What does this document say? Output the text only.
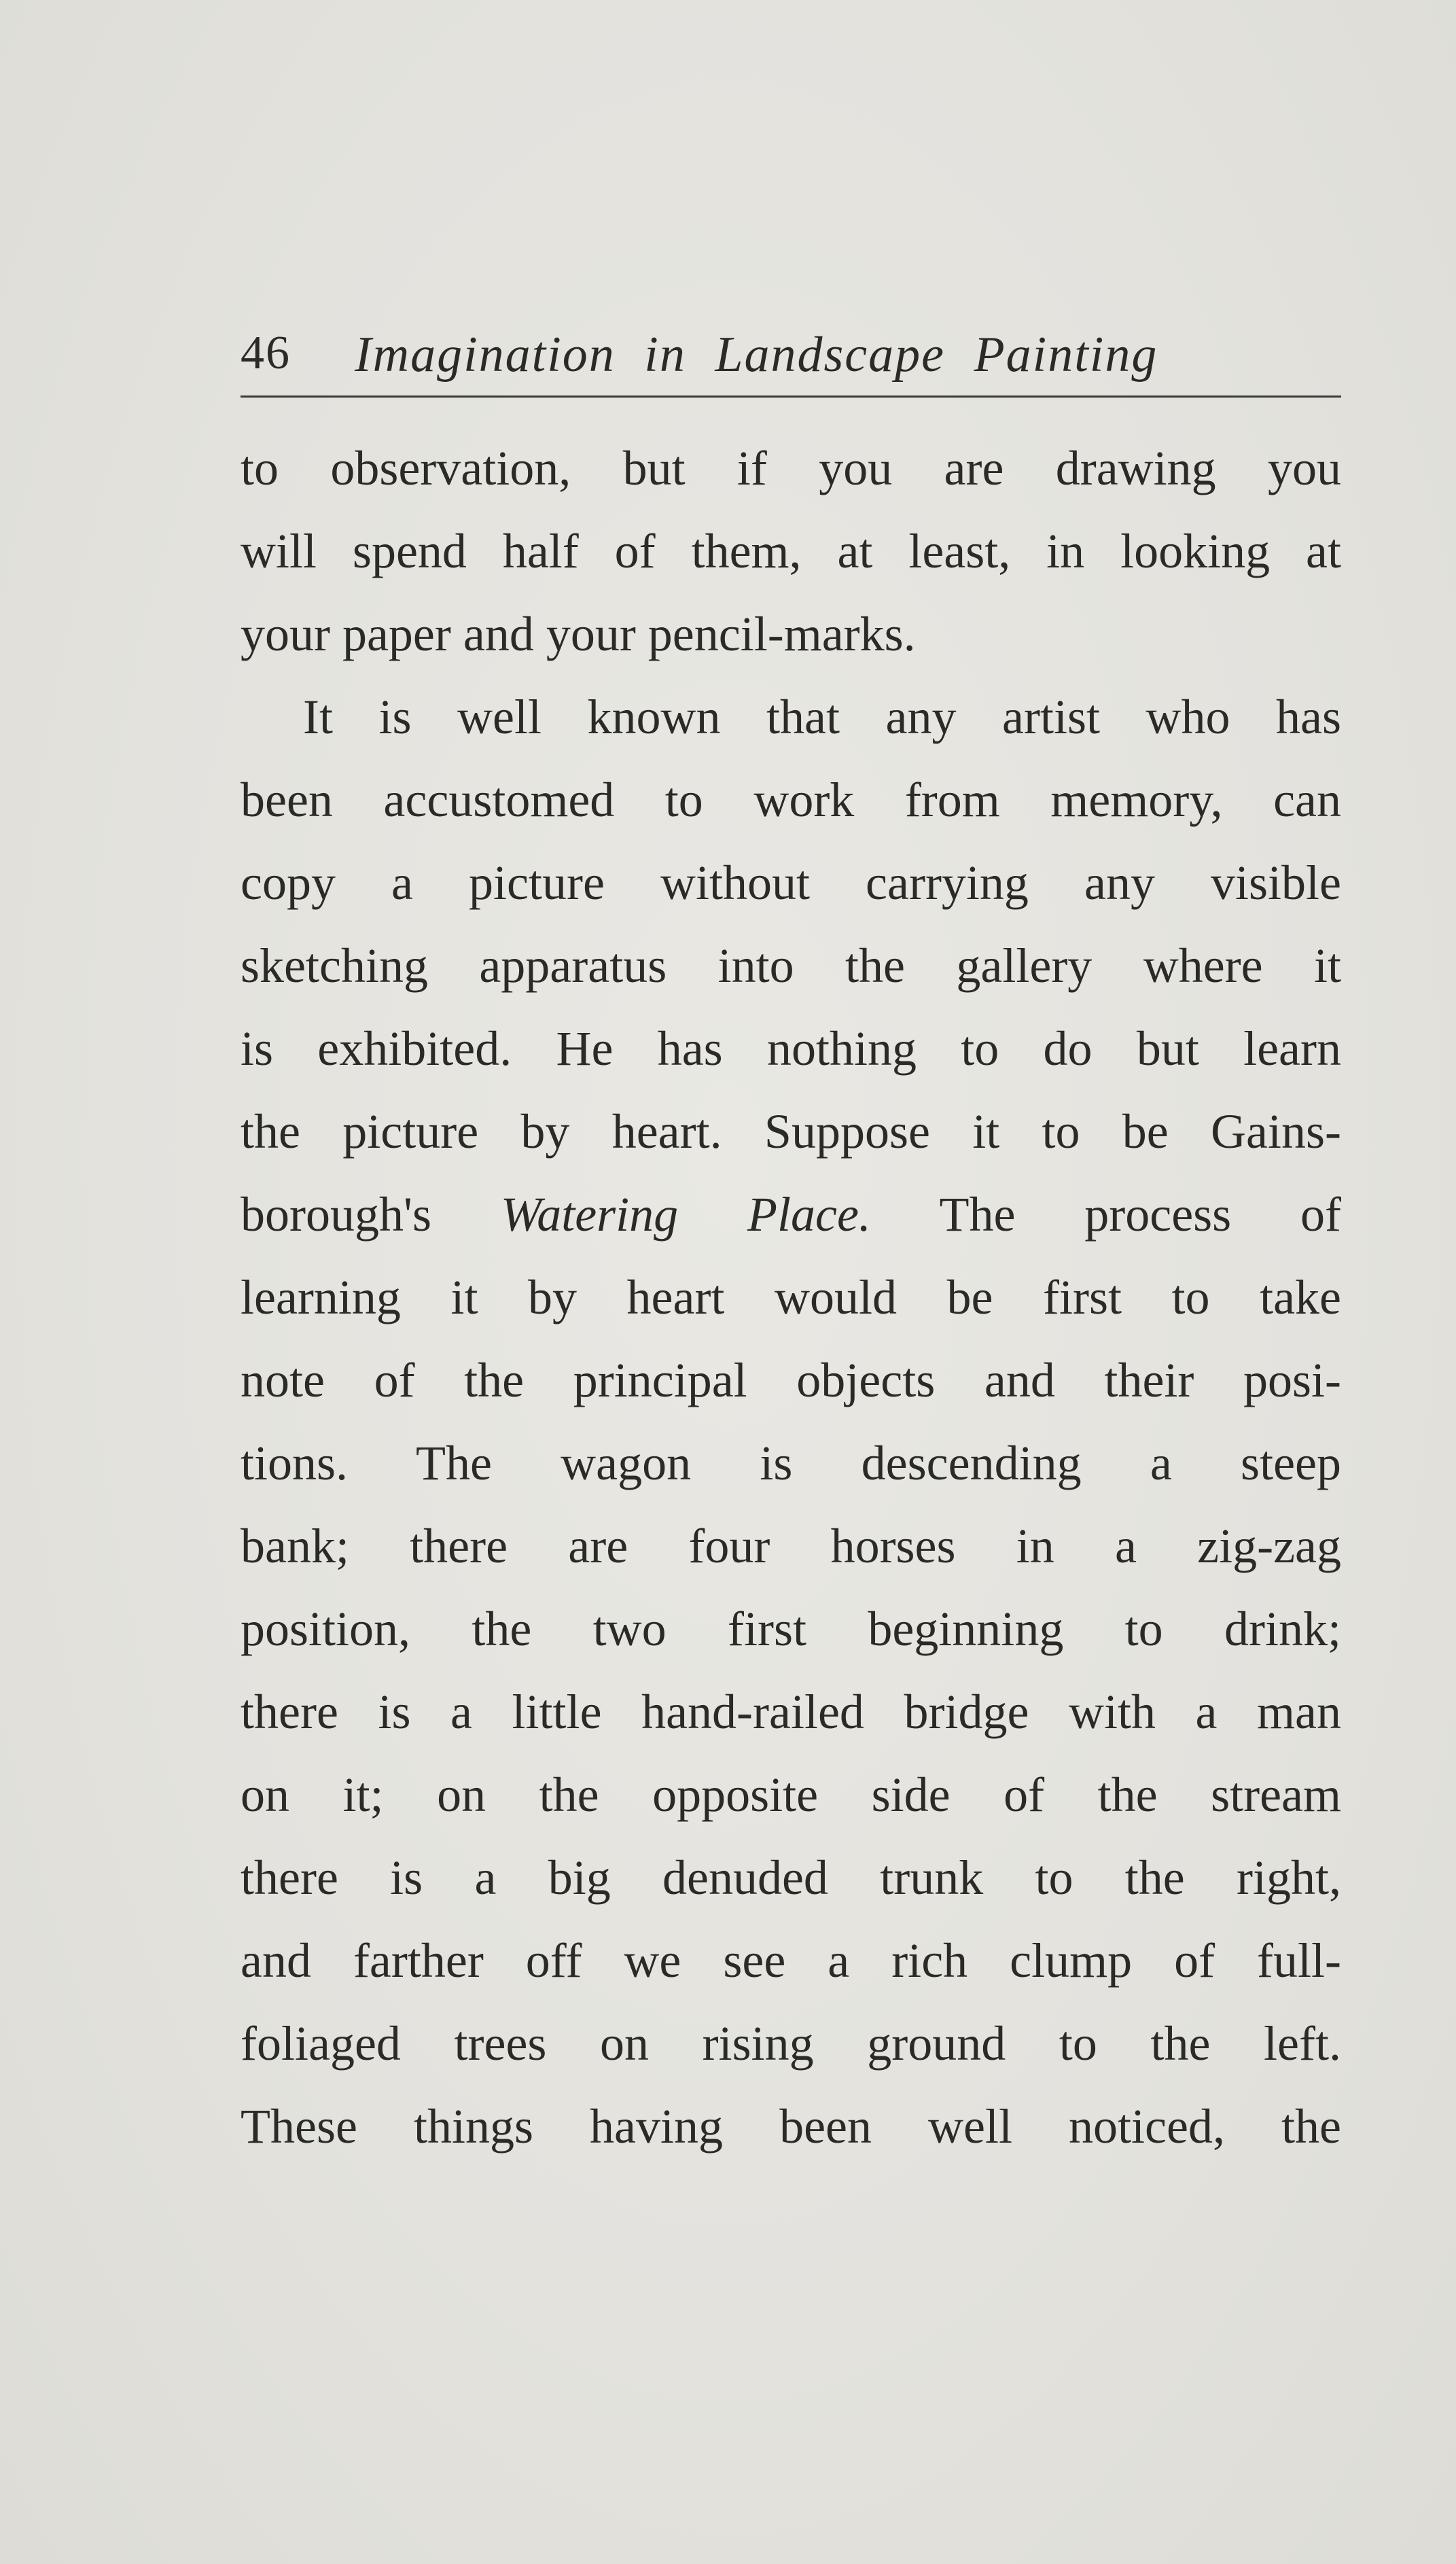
46 Imagination in Landscape Painting
to observation, but if you are drawing you
will spend half of them, at least, in looking at
your paper and your pencil-marks.
It is well known that any artist who has
been accustomed to work from memory, can
copy a picture without carrying any visible
sketching apparatus into the gallery where it
is exhibited. He has nothing to do but learn
the picture by heart. Suppose it to be Gains-
borough's Watering Place. The process of
learning it by heart would be first to take
note of the principal objects and their posi-
tions. The wagon is descending a steep
bank; there are four horses in a zig-zag
position, the two first beginning to drink;
there is a little hand-railed bridge with a man
on it; on the opposite side of the stream
there is a big denuded trunk to the right,
and farther off we see a rich clump of full-
foliaged trees on rising ground to the left.
These things having been well noticed, the
